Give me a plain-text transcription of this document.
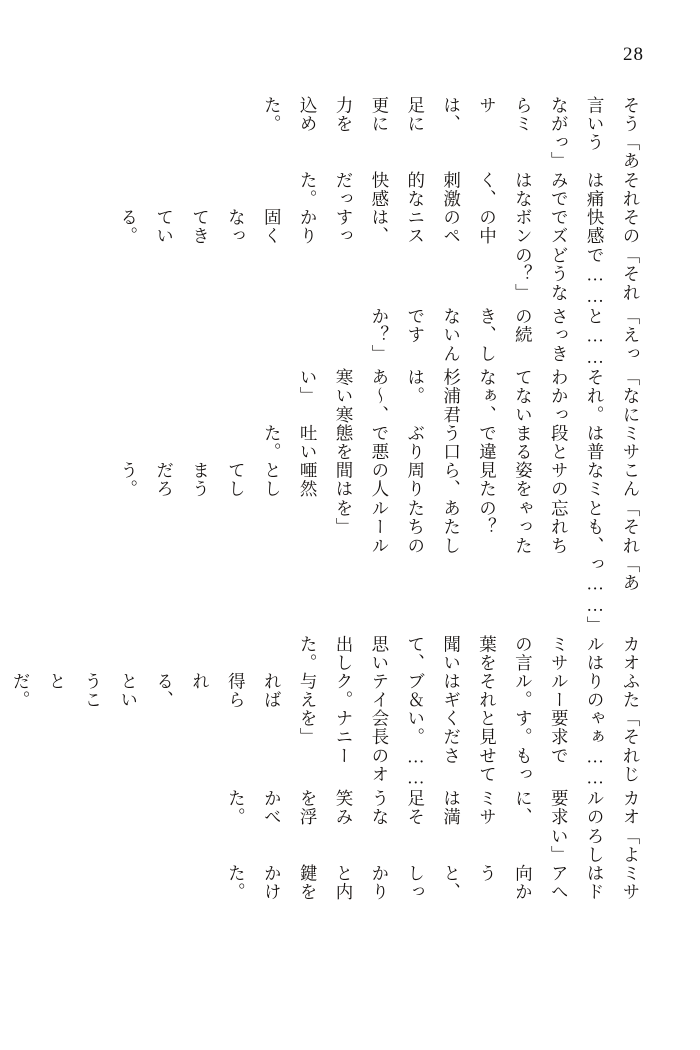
28

そう言いながらミサは、足に更に力を込めた。

「あうっ」

それは痛みではなく、刺激的な快感だった。

その快感でズボンの中のペニスは、すっかり固くなってきている。

「それで……どうなの？」

「えっと……さっきの続き、しないんですか？」

「なにそれ。わかってないなぁ、杉浦君は。あ〜、寒い寒い」

ミサは普段とまるで違う口ぶりで悪態を吐いた。

こんなミサの姿を見たら、周りの人間は唖然としてしまうだろう。

「それとも、忘れちゃったの？　あたしたちのルールを」

「あっ……」

カオルはミサの言葉を聞いて、思い出した。

ふたりのルール。それはギブ＆テイク。与えれば得られる、ということだ。

「それじゃぁ……要求です。もっと見せてください。……会長のオナニーを」

カオルの要求に、ミサは満足そうな笑みを浮かべた。

「よろしい」

ミサはドアへ向かうと、しっかりと内鍵をかけた。
